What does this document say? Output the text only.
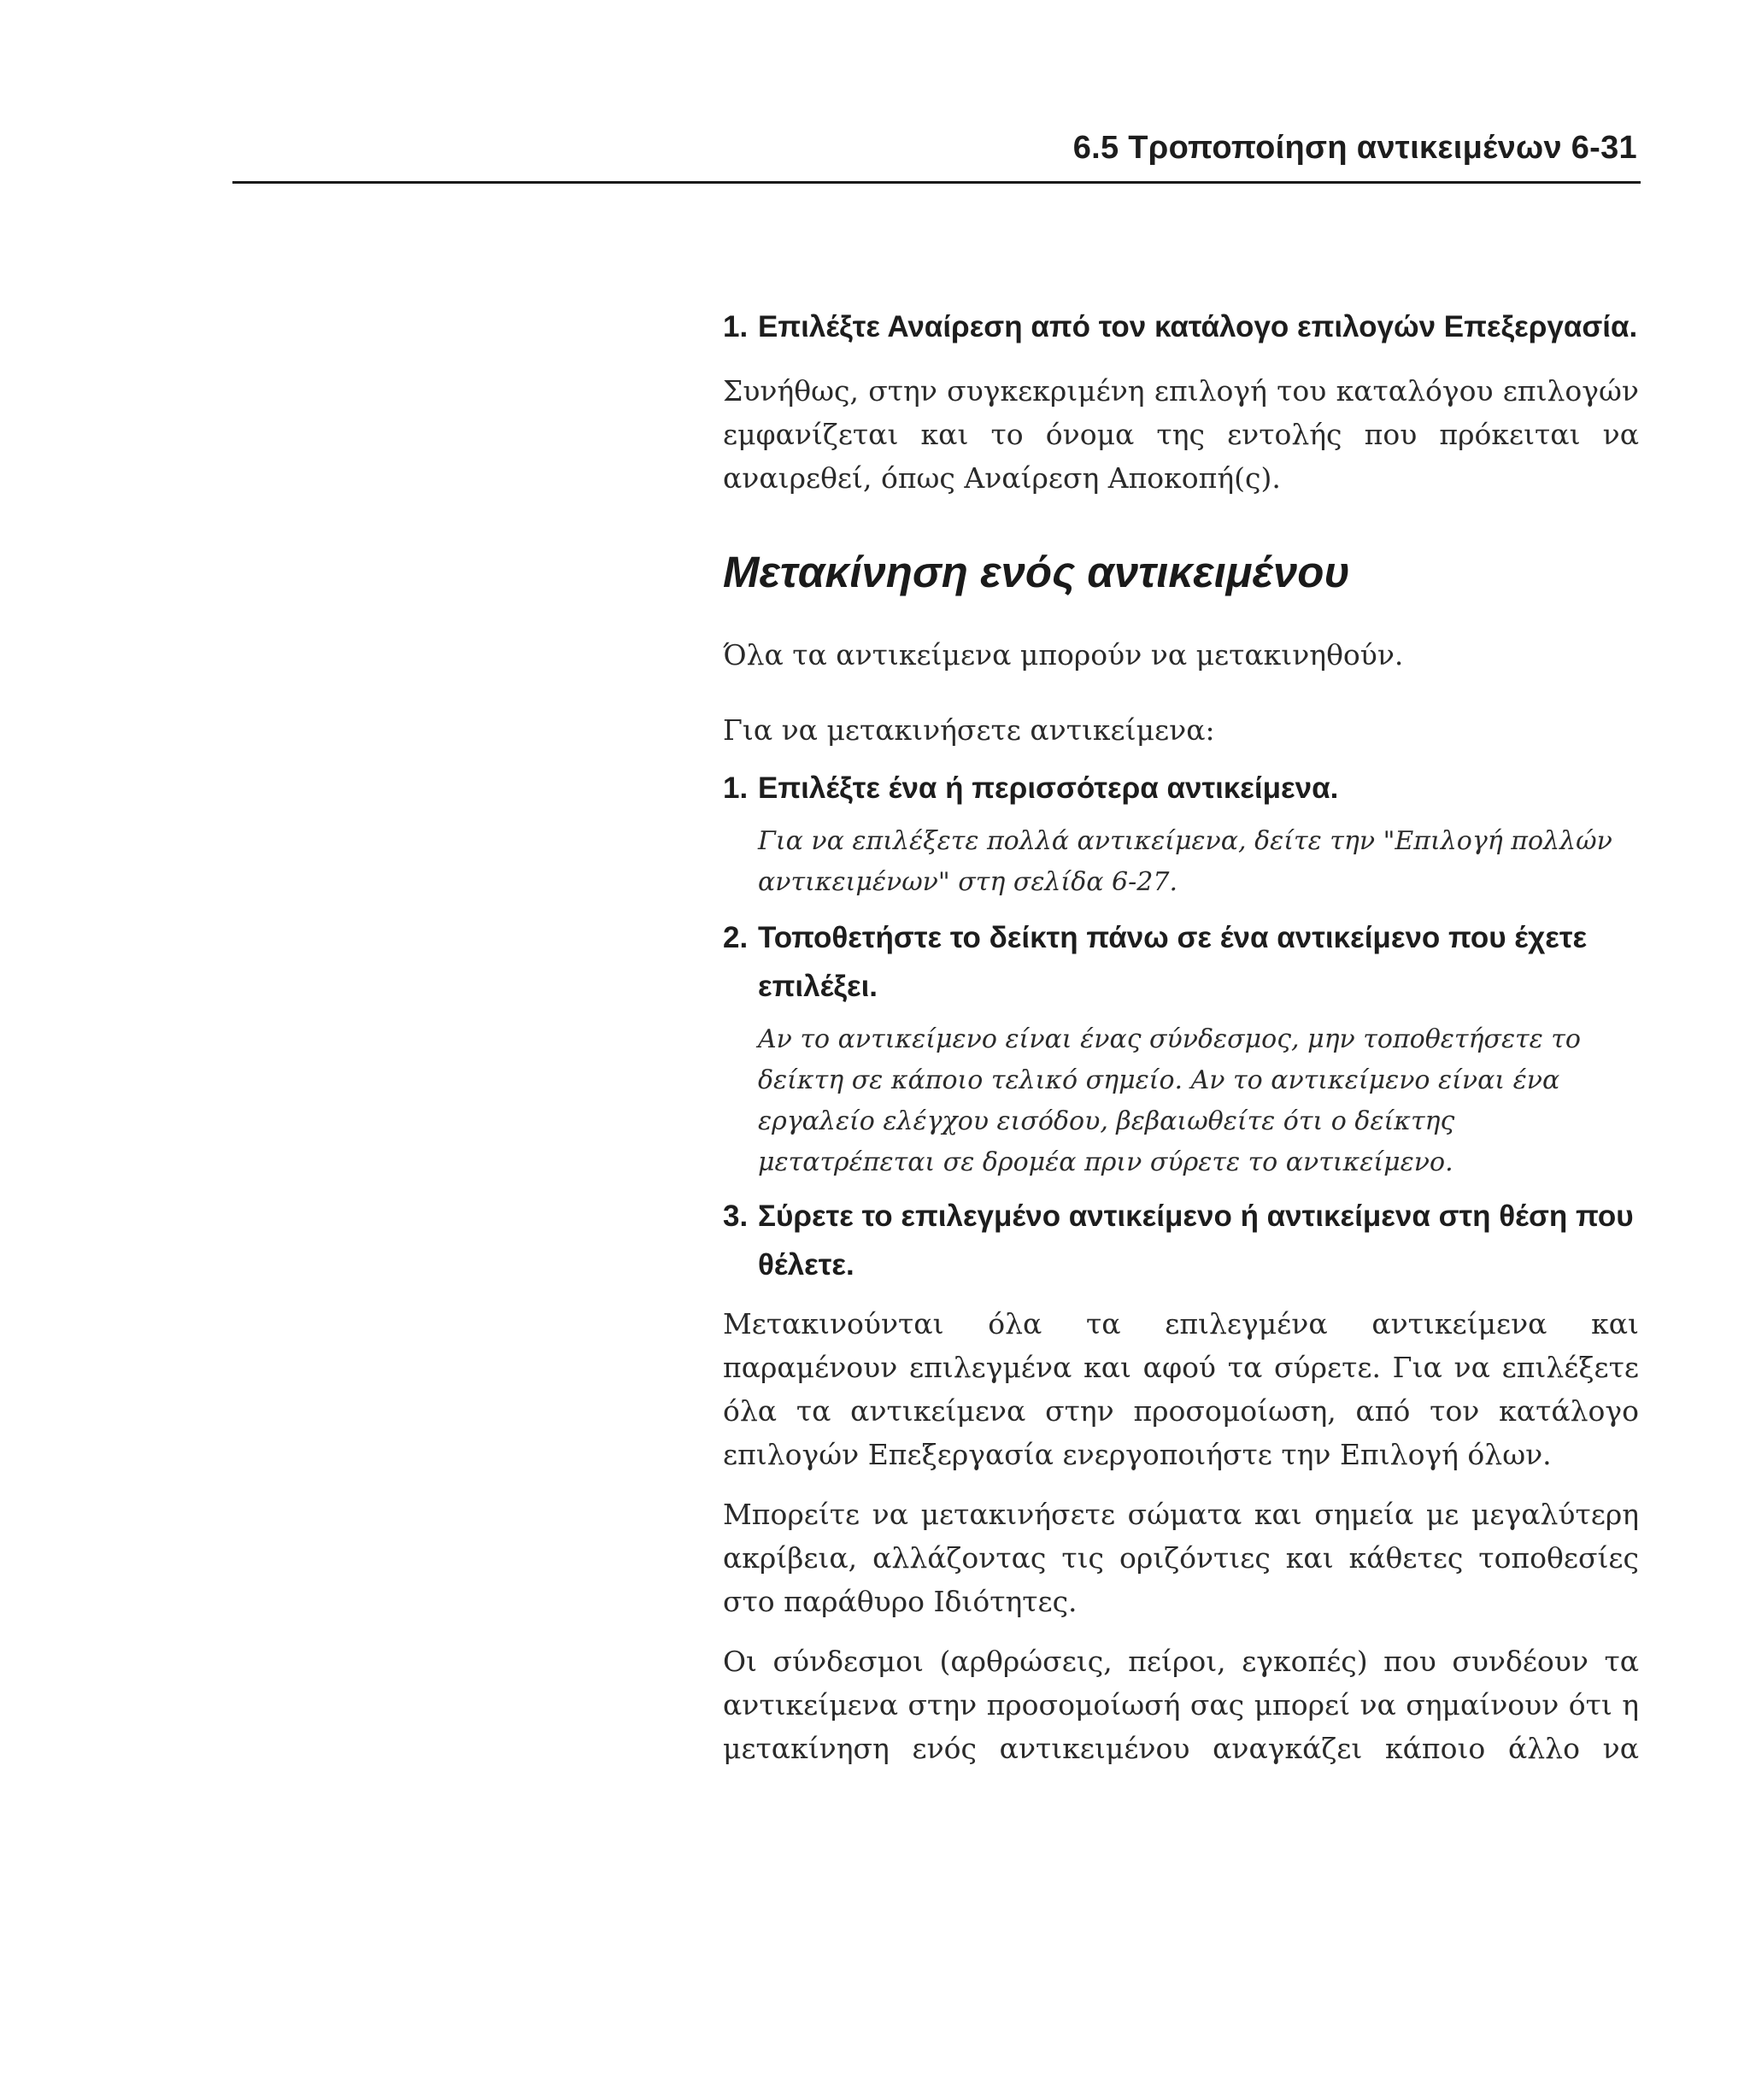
6.5 Τροποποίηση αντικειμένων 6-31

1. Επιλέξτε Αναίρεση από τον κατάλογο επιλογών Επεξεργασία.

Συνήθως, στην συγκεκριμένη επιλογή του καταλόγου επιλογών εμφανίζεται και το όνομα της εντολής που πρόκειται να αναιρεθεί, όπως Αναίρεση Αποκοπή(ς).

Μετακίνηση ενός αντικειμένου

Όλα τα αντικείμενα μπορούν να μετακινηθούν.

Για να μετακινήσετε αντικείμενα:

1. Επιλέξτε ένα ή περισσότερα αντικείμενα.

Για να επιλέξετε πολλά αντικείμενα, δείτε την "Επιλογή πολλών αντικειμένων" στη σελίδα 6-27.

2. Τοποθετήστε το δείκτη πάνω σε ένα αντικείμενο που έχετε επιλέξει.

Αν το αντικείμενο είναι ένας σύνδεσμος, μην τοποθετήσετε το δείκτη σε κάποιο τελικό σημείο. Αν το αντικείμενο είναι ένα εργαλείο ελέγχου εισόδου, βεβαιωθείτε ότι ο δείκτης μετατρέπεται σε δρομέα πριν σύρετε το αντικείμενο.

3. Σύρετε το επιλεγμένο αντικείμενο ή αντικείμενα στη θέση που θέλετε.

Μετακινούνται όλα τα επιλεγμένα αντικείμενα και παραμένουν επιλεγμένα και αφού τα σύρετε. Για να επιλέξετε όλα τα αντικείμενα στην προσομοίωση, από τον κατάλογο επιλογών Επεξεργασία ενεργοποιήστε την Επιλογή όλων.

Μπορείτε να μετακινήσετε σώματα και σημεία με μεγαλύτερη ακρίβεια, αλλάζοντας τις οριζόντιες και κάθετες τοποθεσίες στο παράθυρο Ιδιότητες.

Οι σύνδεσμοι (αρθρώσεις, πείροι, εγκοπές) που συνδέουν τα αντικείμενα στην προσομοίωσή σας μπορεί να σημαίνουν ότι η μετακίνηση ενός αντικειμένου αναγκάζει κάποιο άλλο να
